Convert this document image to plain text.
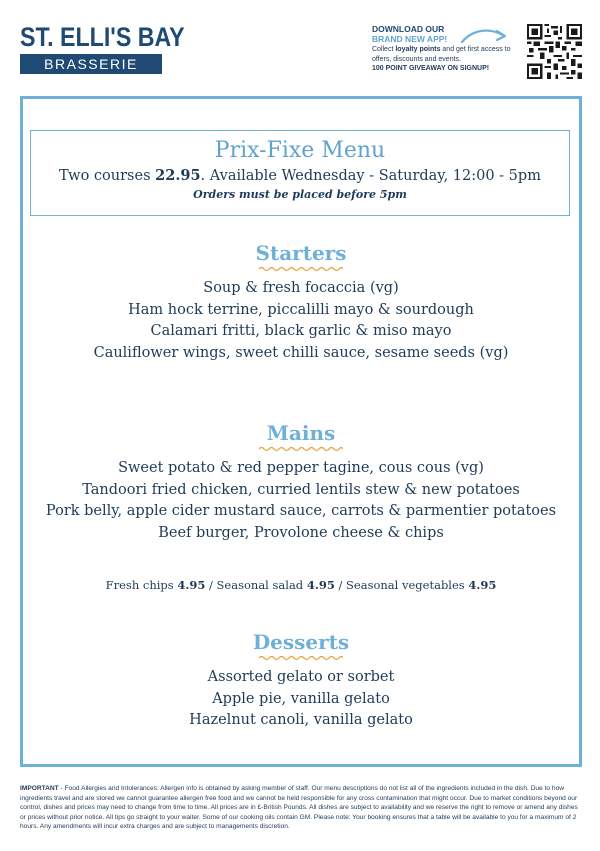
ST. ELLI'S BAY
BRASSERIE
DOWNLOAD OUR
BRAND NEW APP!
Collect loyalty points and get first access to offers, discounts and events.
100 POINT GIVEAWAY ON SIGNUP!
Prix-Fixe Menu
Two courses 22.95. Available Wednesday - Saturday, 12:00 - 5pm
Orders must be placed before 5pm
Starters
Soup & fresh focaccia (vg)
Ham hock terrine, piccalilli mayo & sourdough
Calamari fritti, black garlic & miso mayo
Cauliflower wings, sweet chilli sauce, sesame seeds (vg)
Mains
Sweet potato & red pepper tagine, cous cous (vg)
Tandoori fried chicken, curried lentils stew & new potatoes
Pork belly, apple cider mustard sauce, carrots & parmentier potatoes
Beef burger, Provolone cheese & chips
Fresh chips 4.95 / Seasonal salad 4.95 / Seasonal vegetables 4.95
Desserts
Assorted gelato or sorbet
Apple pie, vanilla gelato
Hazelnut canoli, vanilla gelato
IMPORTANT - Food Allergies and Intolerances: Allergen info is obtained by asking member of staff. Our menu descriptions do not list all of the ingredients included in the dish. Due to how ingredients travel and are stored we cannot guarantee allergen free food and we cannot be held responsible for any cross contamination that might occur. Due to market conditions beyond our control, dishes and prices may need to change from time to time. All prices are in £-British Pounds. All dishes are subject to availability and we reserve the right to remove or amend any dishes or prices without prior notice. All tips go straight to your waiter. Some of our cooking oils contain GM. Please note: Your booking ensures that a table will be available to you for a maximum of 2 hours. Any amendments will incur extra charges and are subject to managements discretion.
